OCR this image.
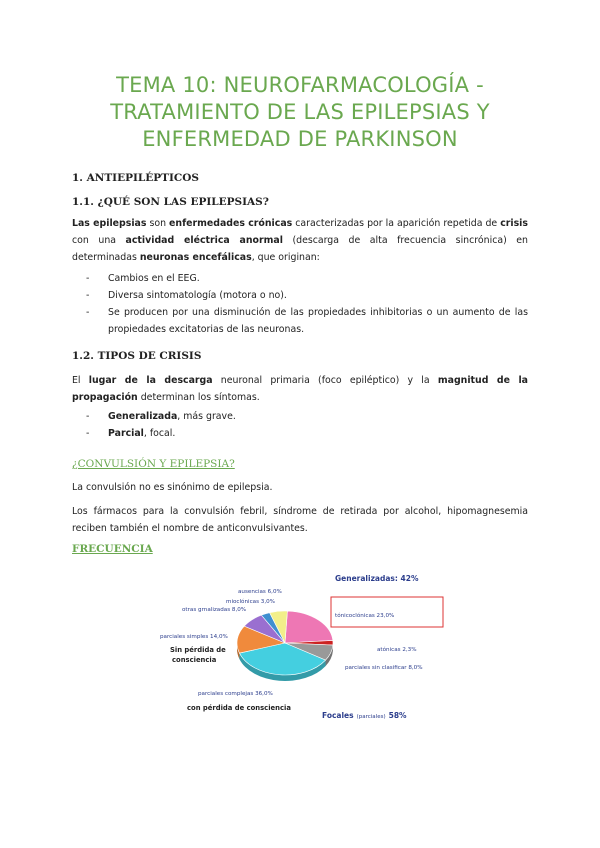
TEMA 10: NEUROFARMACOLOGÍA -
TRATAMIENTO DE LAS EPILEPSIAS Y
ENFERMEDAD DE PARKINSON
1. ANTIEPILÉPTICOS
1.1. ¿QUÉ SON LAS EPILEPSIAS?
Las epilepsias son enfermedades crónicas caracterizadas por la aparición repetida de crisis con una actividad eléctrica anormal (descarga de alta frecuencia sincrónica) en determinadas neuronas encefálicas, que originan:
- Cambios en el EEG.
- Diversa sintomatología (motora o no).
- Se producen por una disminución de las propiedades inhibitorias o un aumento de las propiedades excitatorias de las neuronas.
1.2. TIPOS DE CRISIS
El lugar de la descarga neuronal primaria (foco epiléptico) y la magnitud de la propagación determinan los síntomas.
- Generalizada, más grave.
- Parcial, focal.
¿CONVULSIÓN Y EPILEPSIA?
La convulsión no es sinónimo de epilepsia.
Los fármacos para la convulsión febril, síndrome de retirada por alcohol, hipomagnesemia reciben también el nombre de anticonvulsivantes.
FRECUENCIA
tónicoclónicas 23,0%
atónicas 2,3%
parciales sin clasificar 8,0%
parciales complejas 36,0%
parciales simples 14,0%
otras grnalizadas 8,0%
mioclónicas 3,0%
ausencias 6,0%
Generalizadas: 42%
Sin pérdida de
consciencia
con pérdida de consciencia
Focales (parciales) 58%
